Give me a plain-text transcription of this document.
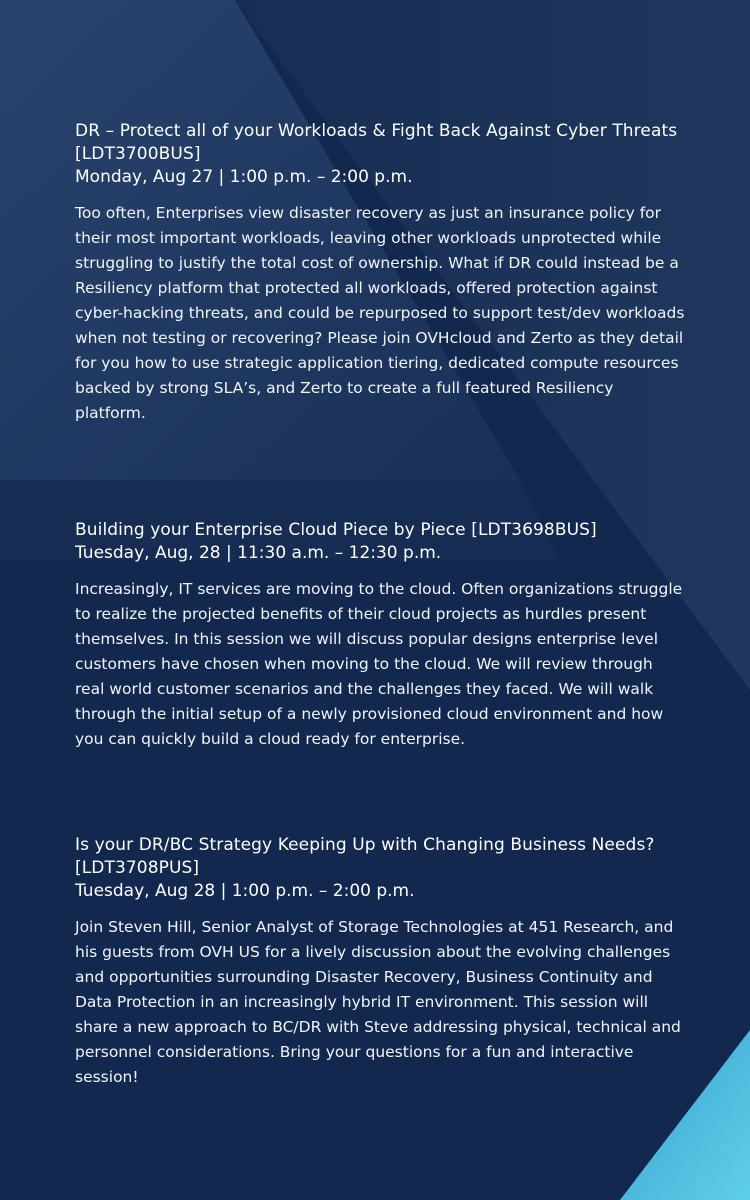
DR – Protect all of your Workloads & Fight Back Against Cyber Threats [LDT3700BUS]
Monday, Aug 27 | 1:00 p.m. – 2:00 p.m.

Too often, Enterprises view disaster recovery as just an insurance policy for their most important workloads, leaving other workloads unprotected while struggling to justify the total cost of ownership. What if DR could instead be a Resiliency platform that protected all workloads, offered protection against cyber-hacking threats, and could be repurposed to support test/dev workloads when not testing or recovering? Please join OVHcloud and Zerto as they detail for you how to use strategic application tiering, dedicated compute resources backed by strong SLA’s, and Zerto to create a full featured Resiliency platform.

Building your Enterprise Cloud Piece by Piece [LDT3698BUS]
Tuesday, Aug, 28 | 11:30 a.m. – 12:30 p.m.

Increasingly, IT services are moving to the cloud. Often organizations struggle to realize the projected benefits of their cloud projects as hurdles present themselves. In this session we will discuss popular designs enterprise level customers have chosen when moving to the cloud. We will review through real world customer scenarios and the challenges they faced. We will walk through the initial setup of a newly provisioned cloud environment and how you can quickly build a cloud ready for enterprise.

Is your DR/BC Strategy Keeping Up with Changing Business Needs? [LDT3708PUS]
Tuesday, Aug 28 | 1:00 p.m. – 2:00 p.m.

Join Steven Hill, Senior Analyst of Storage Technologies at 451 Research, and his guests from OVH US for a lively discussion about the evolving challenges and opportunities surrounding Disaster Recovery, Business Continuity and Data Protection in an increasingly hybrid IT environment. This session will share a new approach to BC/DR with Steve addressing physical, technical and personnel considerations. Bring your questions for a fun and interactive session!
